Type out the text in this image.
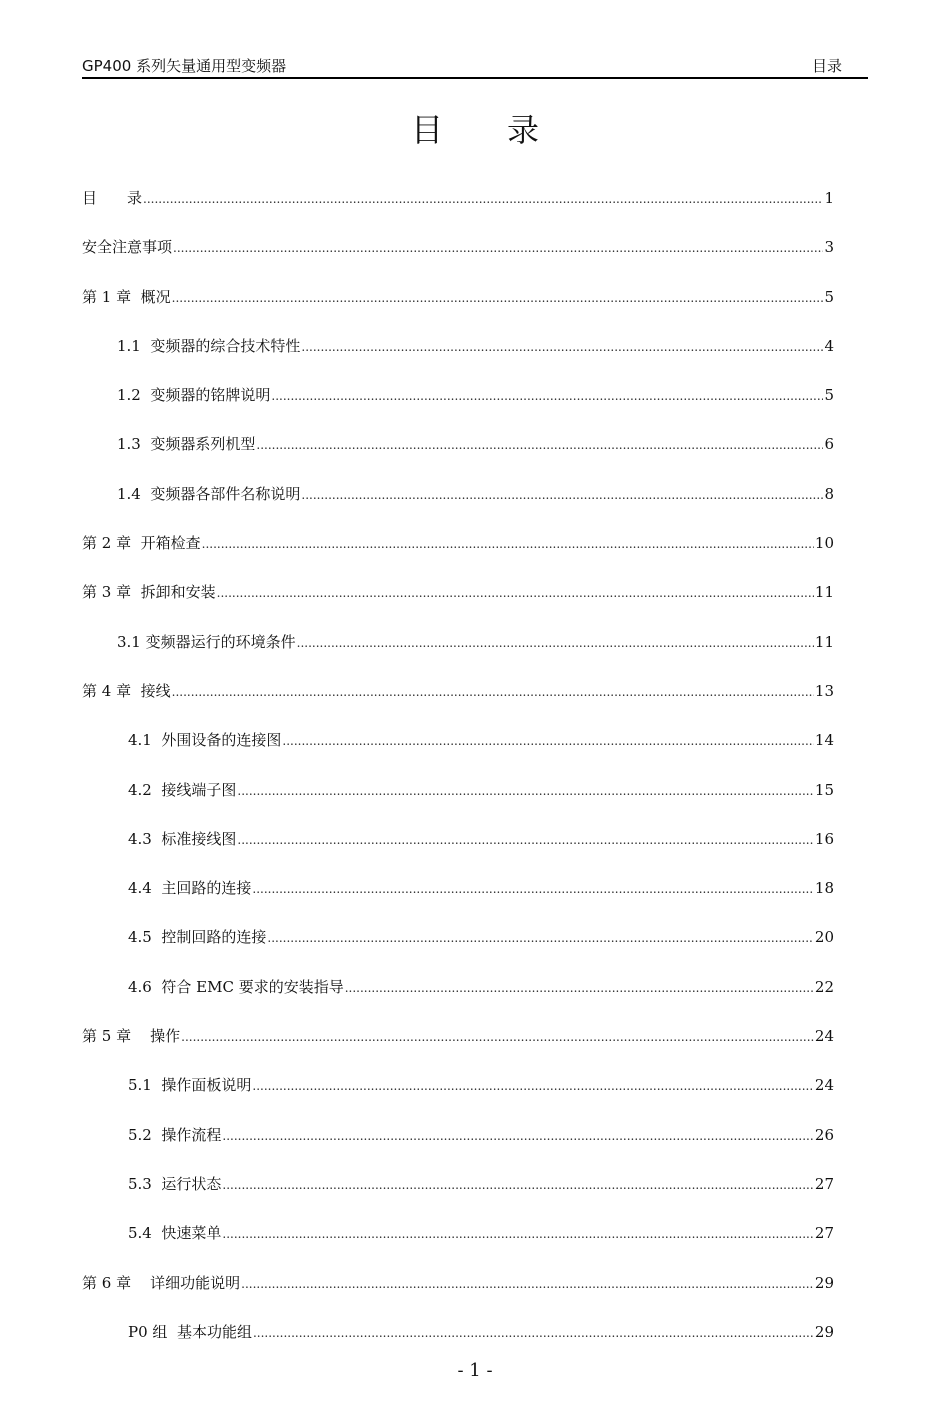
GP400 系列矢量通用型变频器	目录
目　　录
目　　录 .....	1
安全注意事项 .....	3
第 1 章  概况 .....	5
1.1  变频器的综合技术特性 .....	4
1.2  变频器的铭牌说明 .....	5
1.3  变频器系列机型 .....	6
1.4  变频器各部件名称说明 .....	8
第 2 章  开箱检查 .....	10
第 3 章  拆卸和安装 .....	11
3.1 变频器运行的环境条件 .....	11
第 4 章  接线 .....	13
4.1  外围设备的连接图 .....	14
4.2  接线端子图 .....	15
4.3  标准接线图 .....	16
4.4  主回路的连接 .....	18
4.5  控制回路的连接 .....	20
4.6  符合 EMC 要求的安装指导 .....	22
第 5 章    操作 .....	24
5.1  操作面板说明 .....	24
5.2  操作流程 .....	26
5.3  运行状态 .....	27
5.4  快速菜单 .....	27
第 6 章    详细功能说明 .....	29
P0 组  基本功能组 .....	29
- 1 -
